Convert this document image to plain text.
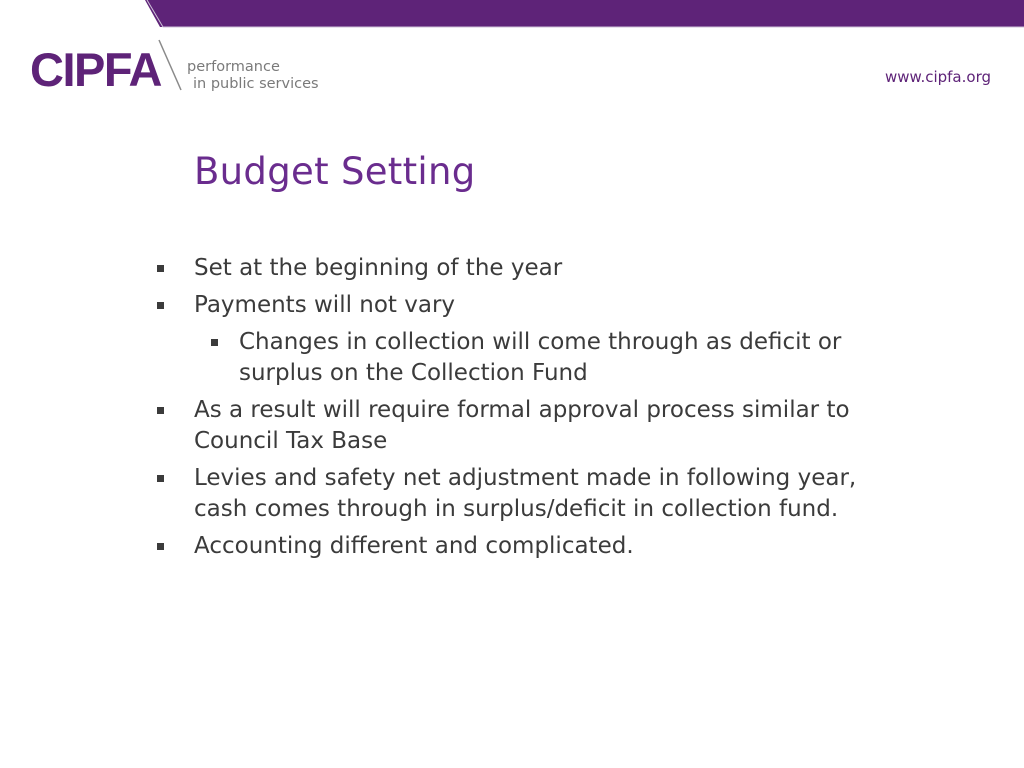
CIPFA performance
in public services	www.cipfa.org
Budget Setting
Set at the beginning of the year
Payments will not vary
Changes in collection will come through as deficit or surplus on the Collection Fund
As a result will require formal approval process similar to Council Tax Base
Levies and safety net adjustment made in following year, cash comes through in surplus/deficit in collection fund.
Accounting different and complicated.
